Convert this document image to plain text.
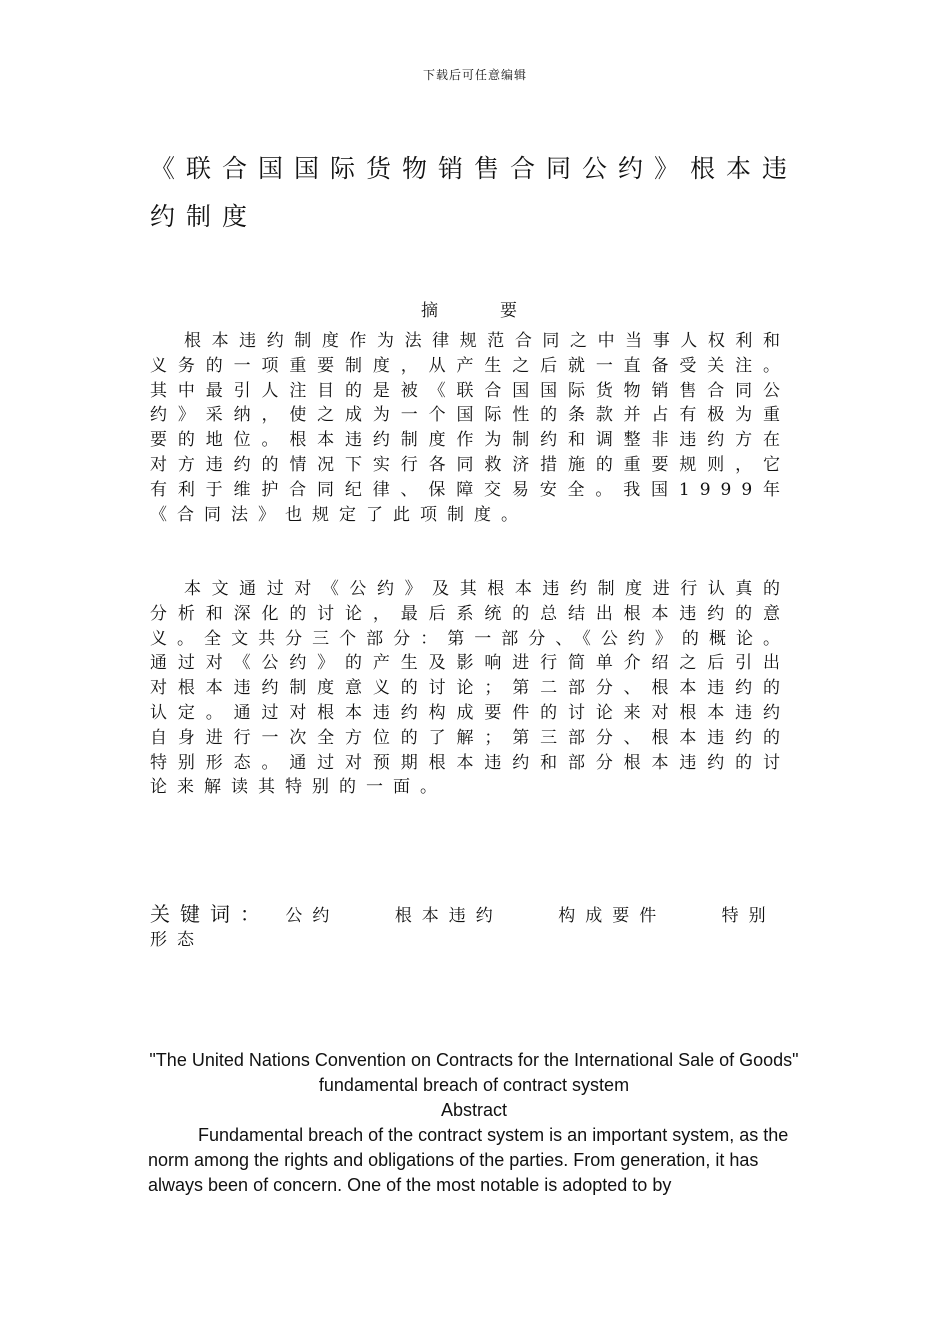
下载后可任意编辑
《联合国国际货物销售合同公约》根本违约制度
摘要
根本违约制度作为法律规范合同之中当事人权利和义务的一项重要制度，从产生之后就一直备受关注。其中最引人注目的是被《联合国国际货物销售合同公约》采纳，使之成为一个国际性的条款并占有极为重要的地位。根本违约制度作为制约和调整非违约方在对方违约的情况下实行各同救济措施的重要规则，它有利于维护合同纪律、保障交易安全。我国1999年《合同法》也规定了此项制度。
本文通过对《公约》及其根本违约制度进行认真的分析和深化的讨论，最后系统的总结出根本违约的意义。全文共分三个部分：第一部分、《公约》的概论。通过对《公约》的产生及影响进行简单介绍之后引出对根本违约制度意义的讨论；第二部分、根本违约的认定。通过对根本违约构成要件的讨论来对根本违约自身进行一次全方位的了解；第三部分、根本违约的特别形态。通过对预期根本违约和部分根本违约的讨论来解读其特别的一面。
关键词： 公约	根本违约	构成要件	特别形态
"The United Nations Convention on Contracts for the International Sale of Goods" fundamental breach of contract system
Abstract
Fundamental breach of the contract system is an important system, as the norm among the rights and obligations of the parties. From generation, it has always been of concern. One of the most notable is adopted to by
